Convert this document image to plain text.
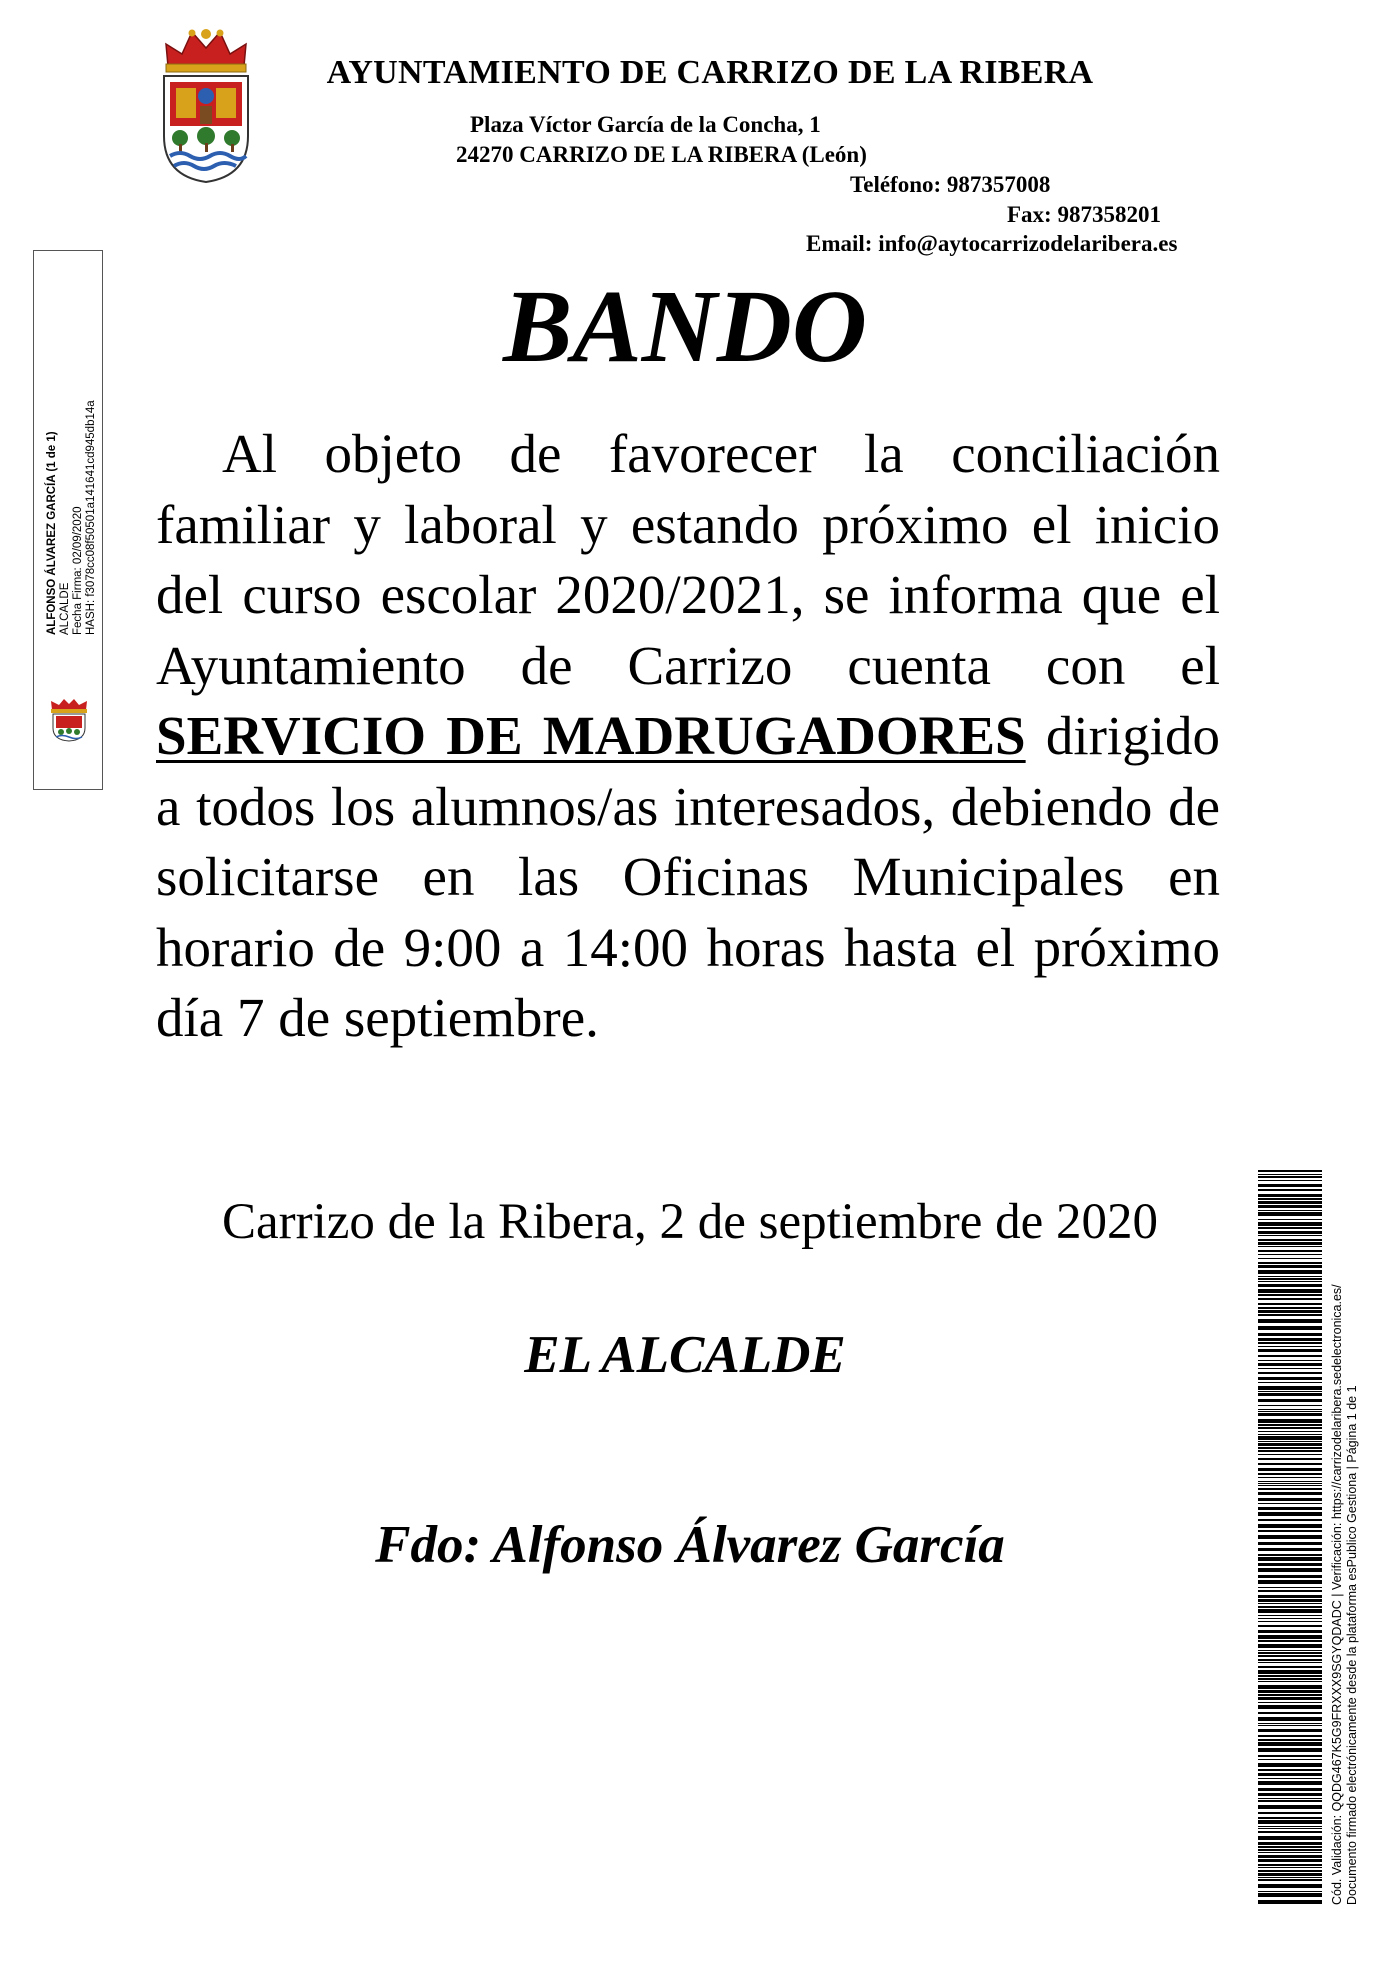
AYUNTAMIENTO DE CARRIZO DE LA RIBERA
Plaza Víctor García de la Concha, 1
24270 CARRIZO DE LA RIBERA (León)
Teléfono: 987357008
Fax: 987358201
Email: info@aytocarrizodelaribera.es
ALFONSO ÁLVAREZ GARCÍA (1 de 1) ALCALDE Fecha Firma: 02/09/2020 HASH: f3078cc08f50501a141641cd945db14a
BANDO
Al objeto de favorecer la conciliación familiar y laboral y estando próximo el inicio del curso escolar 2020/2021, se informa que el Ayuntamiento de Carrizo cuenta con el SERVICIO DE MADRUGADORES dirigido a todos los alumnos/as interesados, debiendo de solicitarse en las Oficinas Municipales en horario de 9:00 a 14:00 horas hasta el próximo día 7 de septiembre.
Carrizo de la Ribera, 2 de septiembre de 2020
EL ALCALDE
Fdo: Alfonso Álvarez García	Cód. Validación: QQDG467K5G9FRXXX9SGYQDADC | Verificación: https://carrizodelaribera.sedelectronica.es/ Documento firmado electrónicamente desde la plataforma esPublico Gestiona | Página 1 de 1
